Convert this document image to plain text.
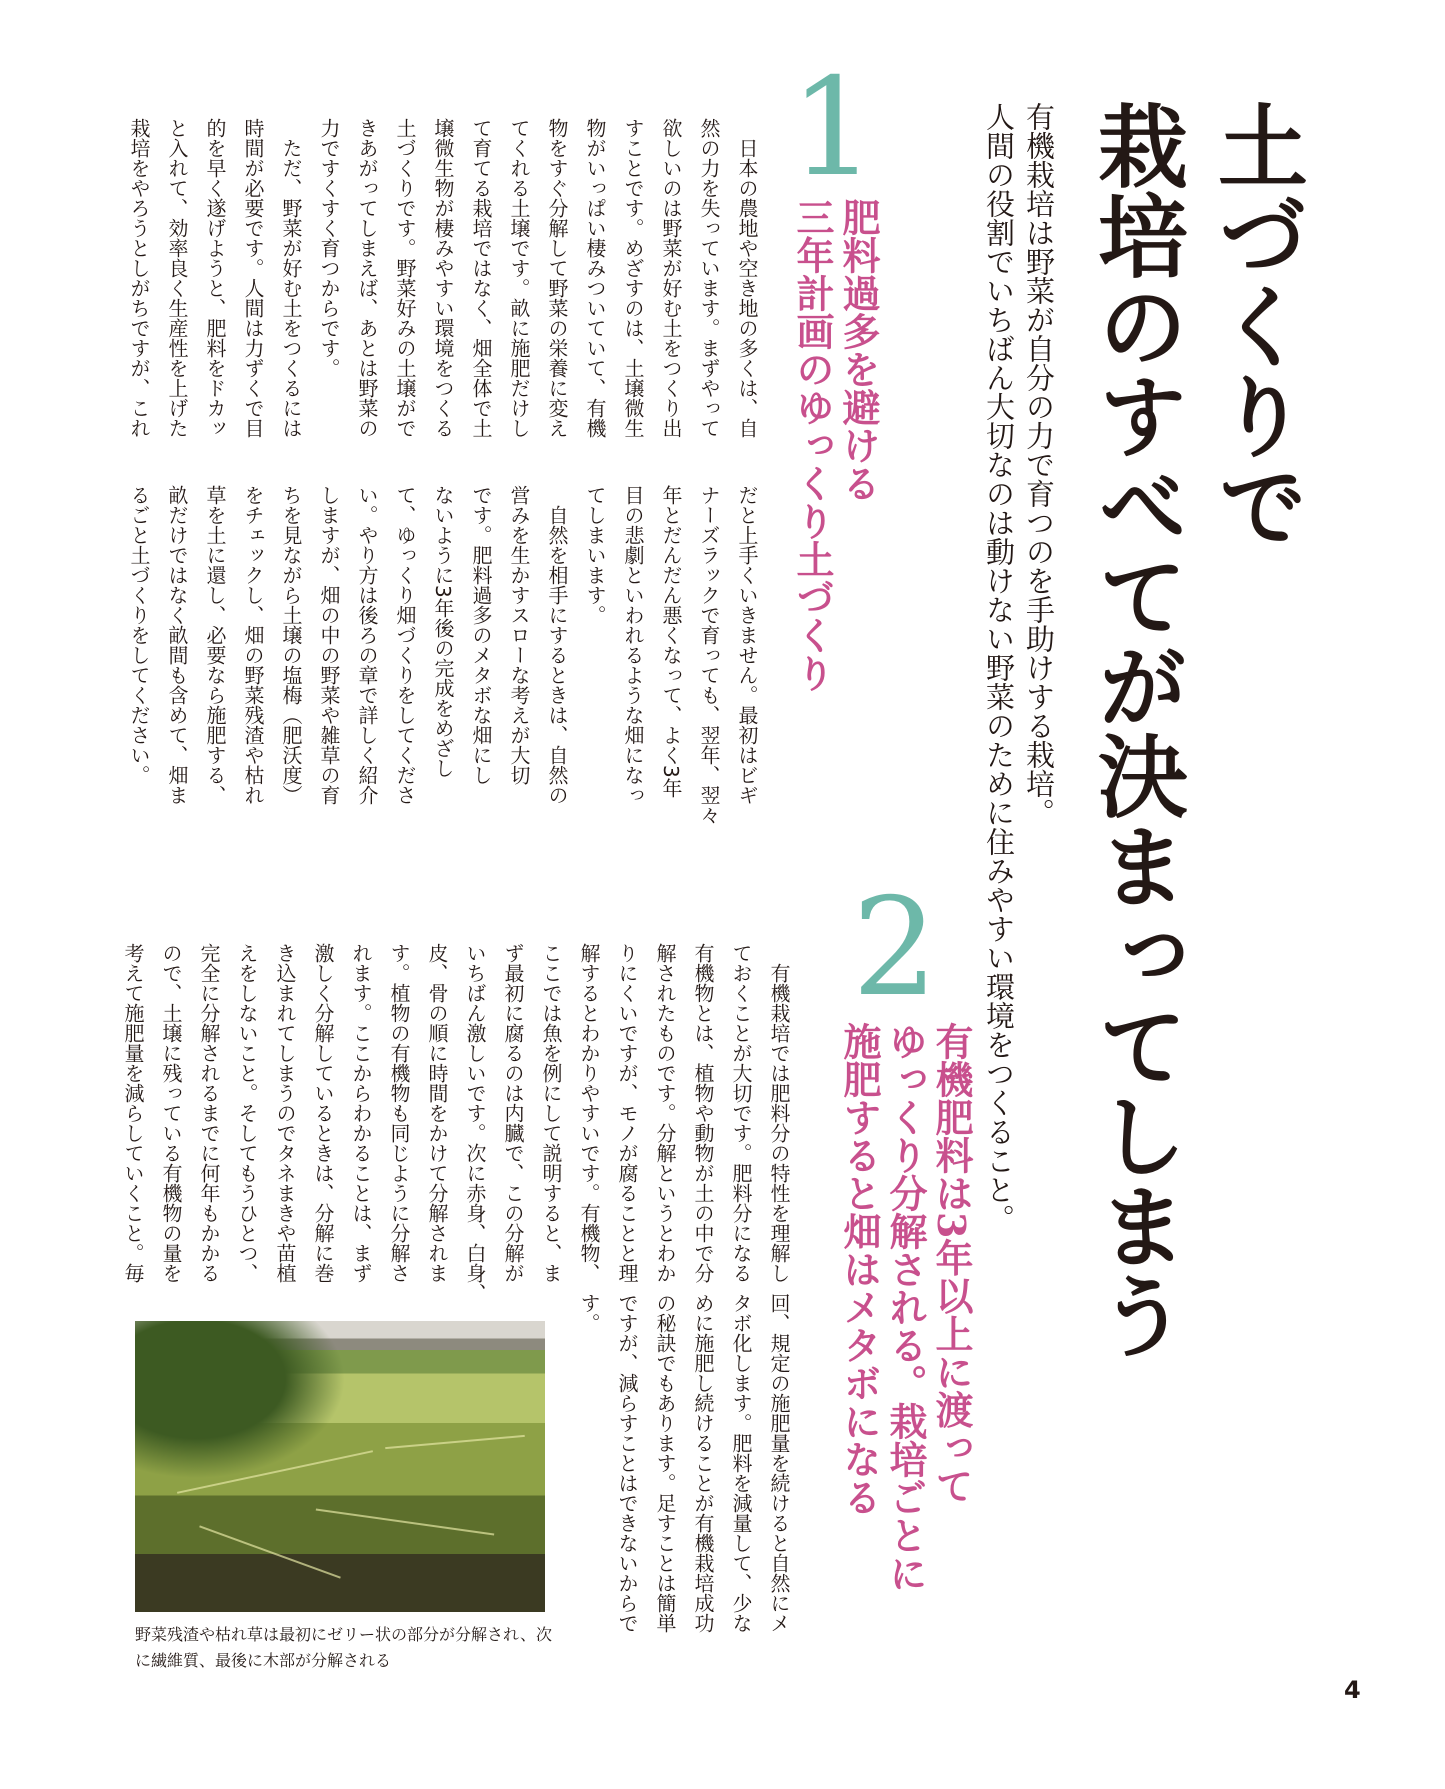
土づくりで
栽培のすべてが決まってしまう
有機栽培は野菜が自分の力で育つのを手助けする栽培。
人間の役割でいちばん大切なのは動けない野菜のために住みやすい環境をつくること。
1
肥料過多を避ける
三年計画のゆっくり土づくり
2
有機肥料は3年以上に渡って
ゆっくり分解される。栽培ごとに
施肥すると畑はメタボになる
日本の農地や空き地の多くは、自
然の力を失っています。まずやって
欲しいのは野菜が好む土をつくり出
すことです。めざすのは、土壌微生
物がいっぱい棲みついていて、有機
物をすぐ分解して野菜の栄養に変え
てくれる土壌です。畝に施肥だけし
て育てる栽培ではなく、畑全体で土
壌微生物が棲みやすい環境をつくる
土づくりです。野菜好みの土壌がで
きあがってしまえば、あとは野菜の
力ですくすく育つからです。
ただ、野菜が好む土をつくるには
時間が必要です。人間は力ずくで目
的を早く遂げようと、肥料をドカッ
と入れて、効率良く生産性を上げた
栽培をやろうとしがちですが、これ
だと上手くいきません。最初はビギ
ナーズラックで育っても、翌年、翌々
年とだんだん悪くなって、よく3年
目の悲劇といわれるような畑になっ
てしまいます。
自然を相手にするときは、自然の
営みを生かすスローな考えが大切
です。肥料過多のメタボな畑にし
ないように3年後の完成をめざし
て、ゆっくり畑づくりをしてくださ
い。やり方は後ろの章で詳しく紹介
しますが、畑の中の野菜や雑草の育
ちを見ながら土壌の塩梅（肥沃度）
をチェックし、畑の野菜残渣や枯れ
草を土に還し、必要なら施肥する、
畝だけではなく畝間も含めて、畑ま
るごと土づくりをしてください。
有機栽培では肥料分の特性を理解し
ておくことが大切です。肥料分になる
有機物とは、植物や動物が土の中で分
解されたものです。分解というとわか
りにくいですが、モノが腐ることと理
解するとわかりやすいです。有機物、
ここでは魚を例にして説明すると、ま
ず最初に腐るのは内臓で、この分解が
いちばん激しいです。次に赤身、白身、
皮、骨の順に時間をかけて分解されま
す。植物の有機物も同じように分解さ
れます。ここからわかることは、まず
激しく分解しているときは、分解に巻
き込まれてしまうのでタネまきや苗植
えをしないこと。そしてもうひとつ、
完全に分解されるまでに何年もかかる
ので、土壌に残っている有機物の量を
考えて施肥量を減らしていくこと。毎
回、規定の施肥量を続けると自然にメ
タボ化します。肥料を減量して、少な
めに施肥し続けることが有機栽培成功
の秘訣でもあります。足すことは簡単
ですが、減らすことはできないからで
す。
野菜残渣や枯れ草は最初にゼリー状の部分が分解され、次に繊維質、最後に木部が分解される
4
